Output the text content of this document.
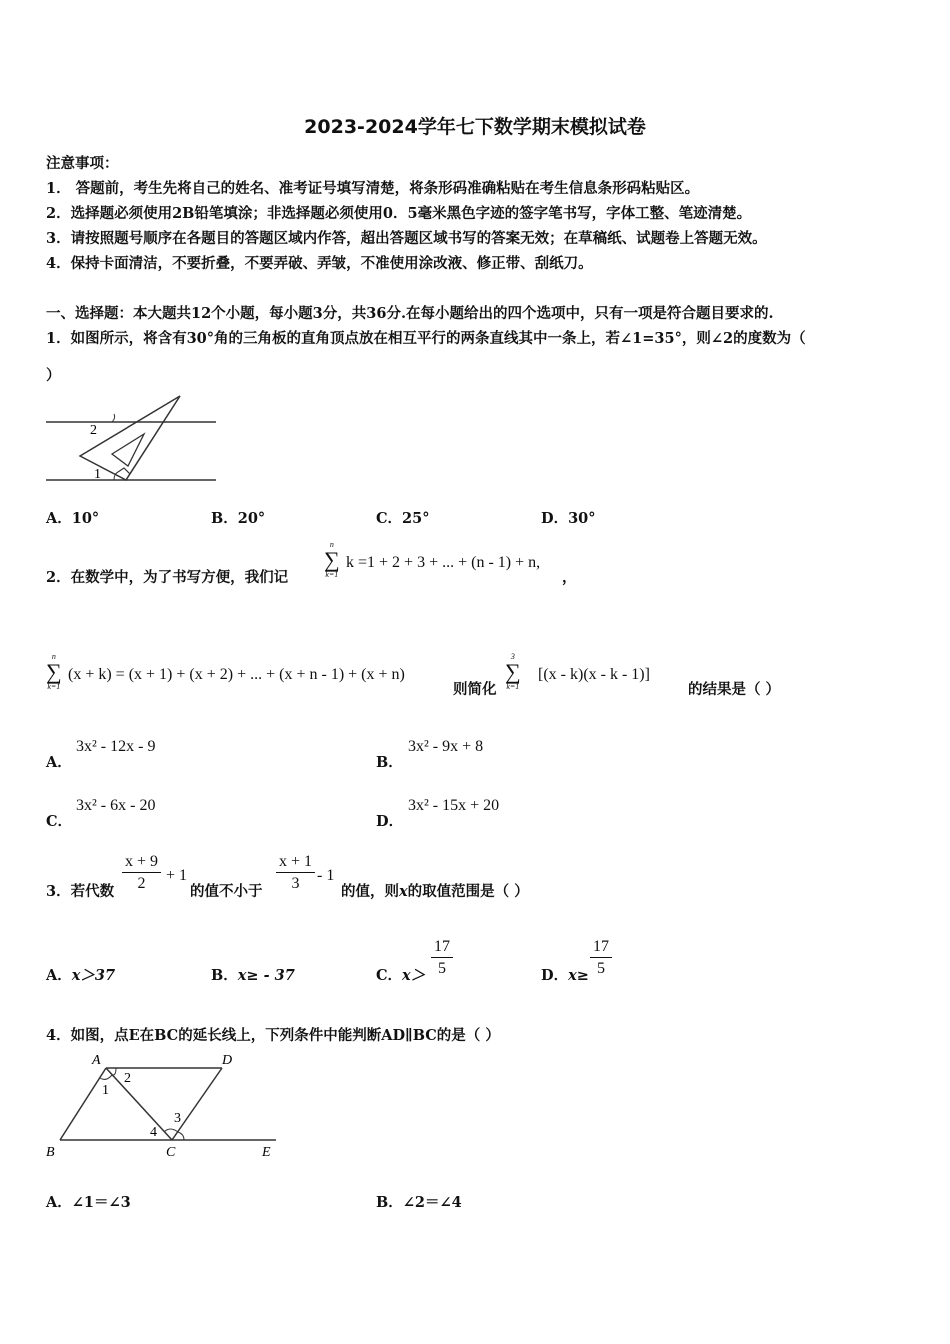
2023-2024学年七下数学期末模拟试卷
注意事项：
1． 答题前，考生先将自己的姓名、准考证号填写清楚，将条形码准确粘贴在考生信息条形码粘贴区。
2．选择题必须使用2B铅笔填涂；非选择题必须使用0．5毫米黑色字迹的签字笔书写，字体工整、笔迹清楚。
3．请按照题号顺序在各题目的答题区域内作答，超出答题区域书写的答案无效；在草稿纸、试题卷上答题无效。
4．保持卡面清洁，不要折叠，不要弄破、弄皱，不准使用涂改液、修正带、刮纸刀。
一、选择题：本大题共12个小题，每小题3分，共36分.在每小题给出的四个选项中，只有一项是符合题目要求的.
1．如图所示，将含有30°角的三角板的直角顶点放在相互平行的两条直线其中一条上，若∠1=35°，则∠2的度数为（
）
2
1
A．10°	B．20°	C．25°	D．30°
2．在数学中，为了书写方便，我们记
n
∑
k=1
k =1 + 2 + 3 + ... + (n - 1) + n,
，
n
∑
k=1
(x + k) = (x + 1) + (x + 2) + ... + (x + n - 1) + (x + n)
则简化
3
∑
k=1
[(x - k)(x - k - 1)]
的结果是（ ）
A．
3x² - 12x - 9
B．
3x² - 9x + 8
C．
3x² - 6x - 20
D．
3x² - 15x + 20
3．若代数 $\frac{x + 9}{2} + 1$
的值不小于 $\frac{x + 1}{3} - 1$
的值，则x的取值范围是（ ）
A．x＞37	B．x≥ - 37	C．$x> \frac{17}{5}$	D．$x\ge \frac{17}{5}$
4．如图，点E在BC的延长线上，下列条件中能判断AD∥BC的是（ ）
A	D
B	C	E
1
2
3
4
A．∠1＝∠3	B．∠2＝∠4
